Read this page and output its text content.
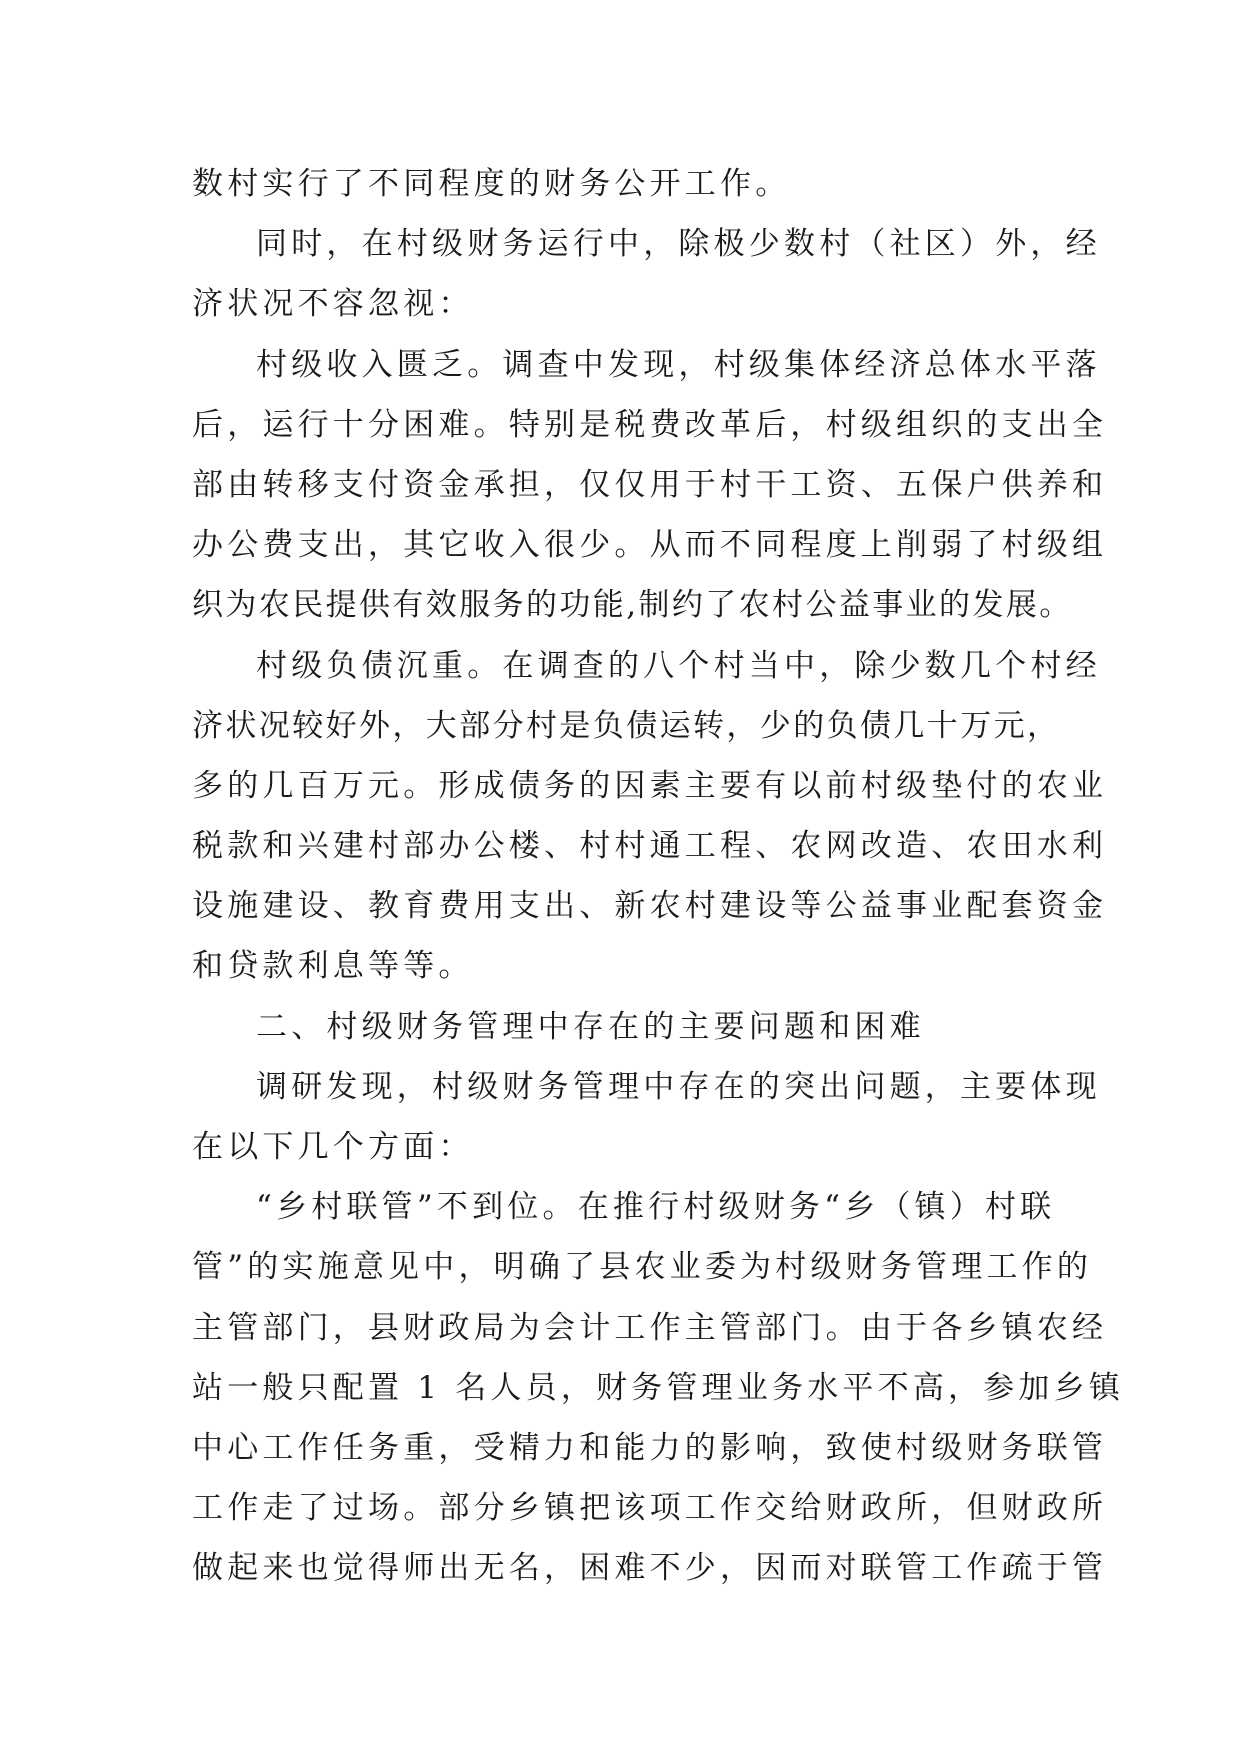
数村实行了不同程度的财务公开工作。
同时，在村级财务运行中，除极少数村（社区）外，经
济状况不容忽视：
村级收入匮乏。调查中发现，村级集体经济总体水平落
后，运行十分困难。特别是税费改革后，村级组织的支出全
部由转移支付资金承担，仅仅用于村干工资、五保户供养和
办公费支出，其它收入很少。从而不同程度上削弱了村级组
织为农民提供有效服务的功能,制约了农村公益事业的发展。
村级负债沉重。在调查的八个村当中，除少数几个村经
济状况较好外，大部分村是负债运转，少的负债几十万元，
多的几百万元。形成债务的因素主要有以前村级垫付的农业
税款和兴建村部办公楼、村村通工程、农网改造、农田水利
设施建设、教育费用支出、新农村建设等公益事业配套资金
和贷款利息等等。
二、村级财务管理中存在的主要问题和困难
调研发现，村级财务管理中存在的突出问题，主要体现
在以下几个方面：
“乡村联管”不到位。在推行村级财务“乡（镇）村联
管”的实施意见中，明确了县农业委为村级财务管理工作的
主管部门，县财政局为会计工作主管部门。由于各乡镇农经
站一般只配置 1 名人员，财务管理业务水平不高，参加乡镇
中心工作任务重，受精力和能力的影响，致使村级财务联管
工作走了过场。部分乡镇把该项工作交给财政所，但财政所
做起来也觉得师出无名，困难不少，因而对联管工作疏于管
